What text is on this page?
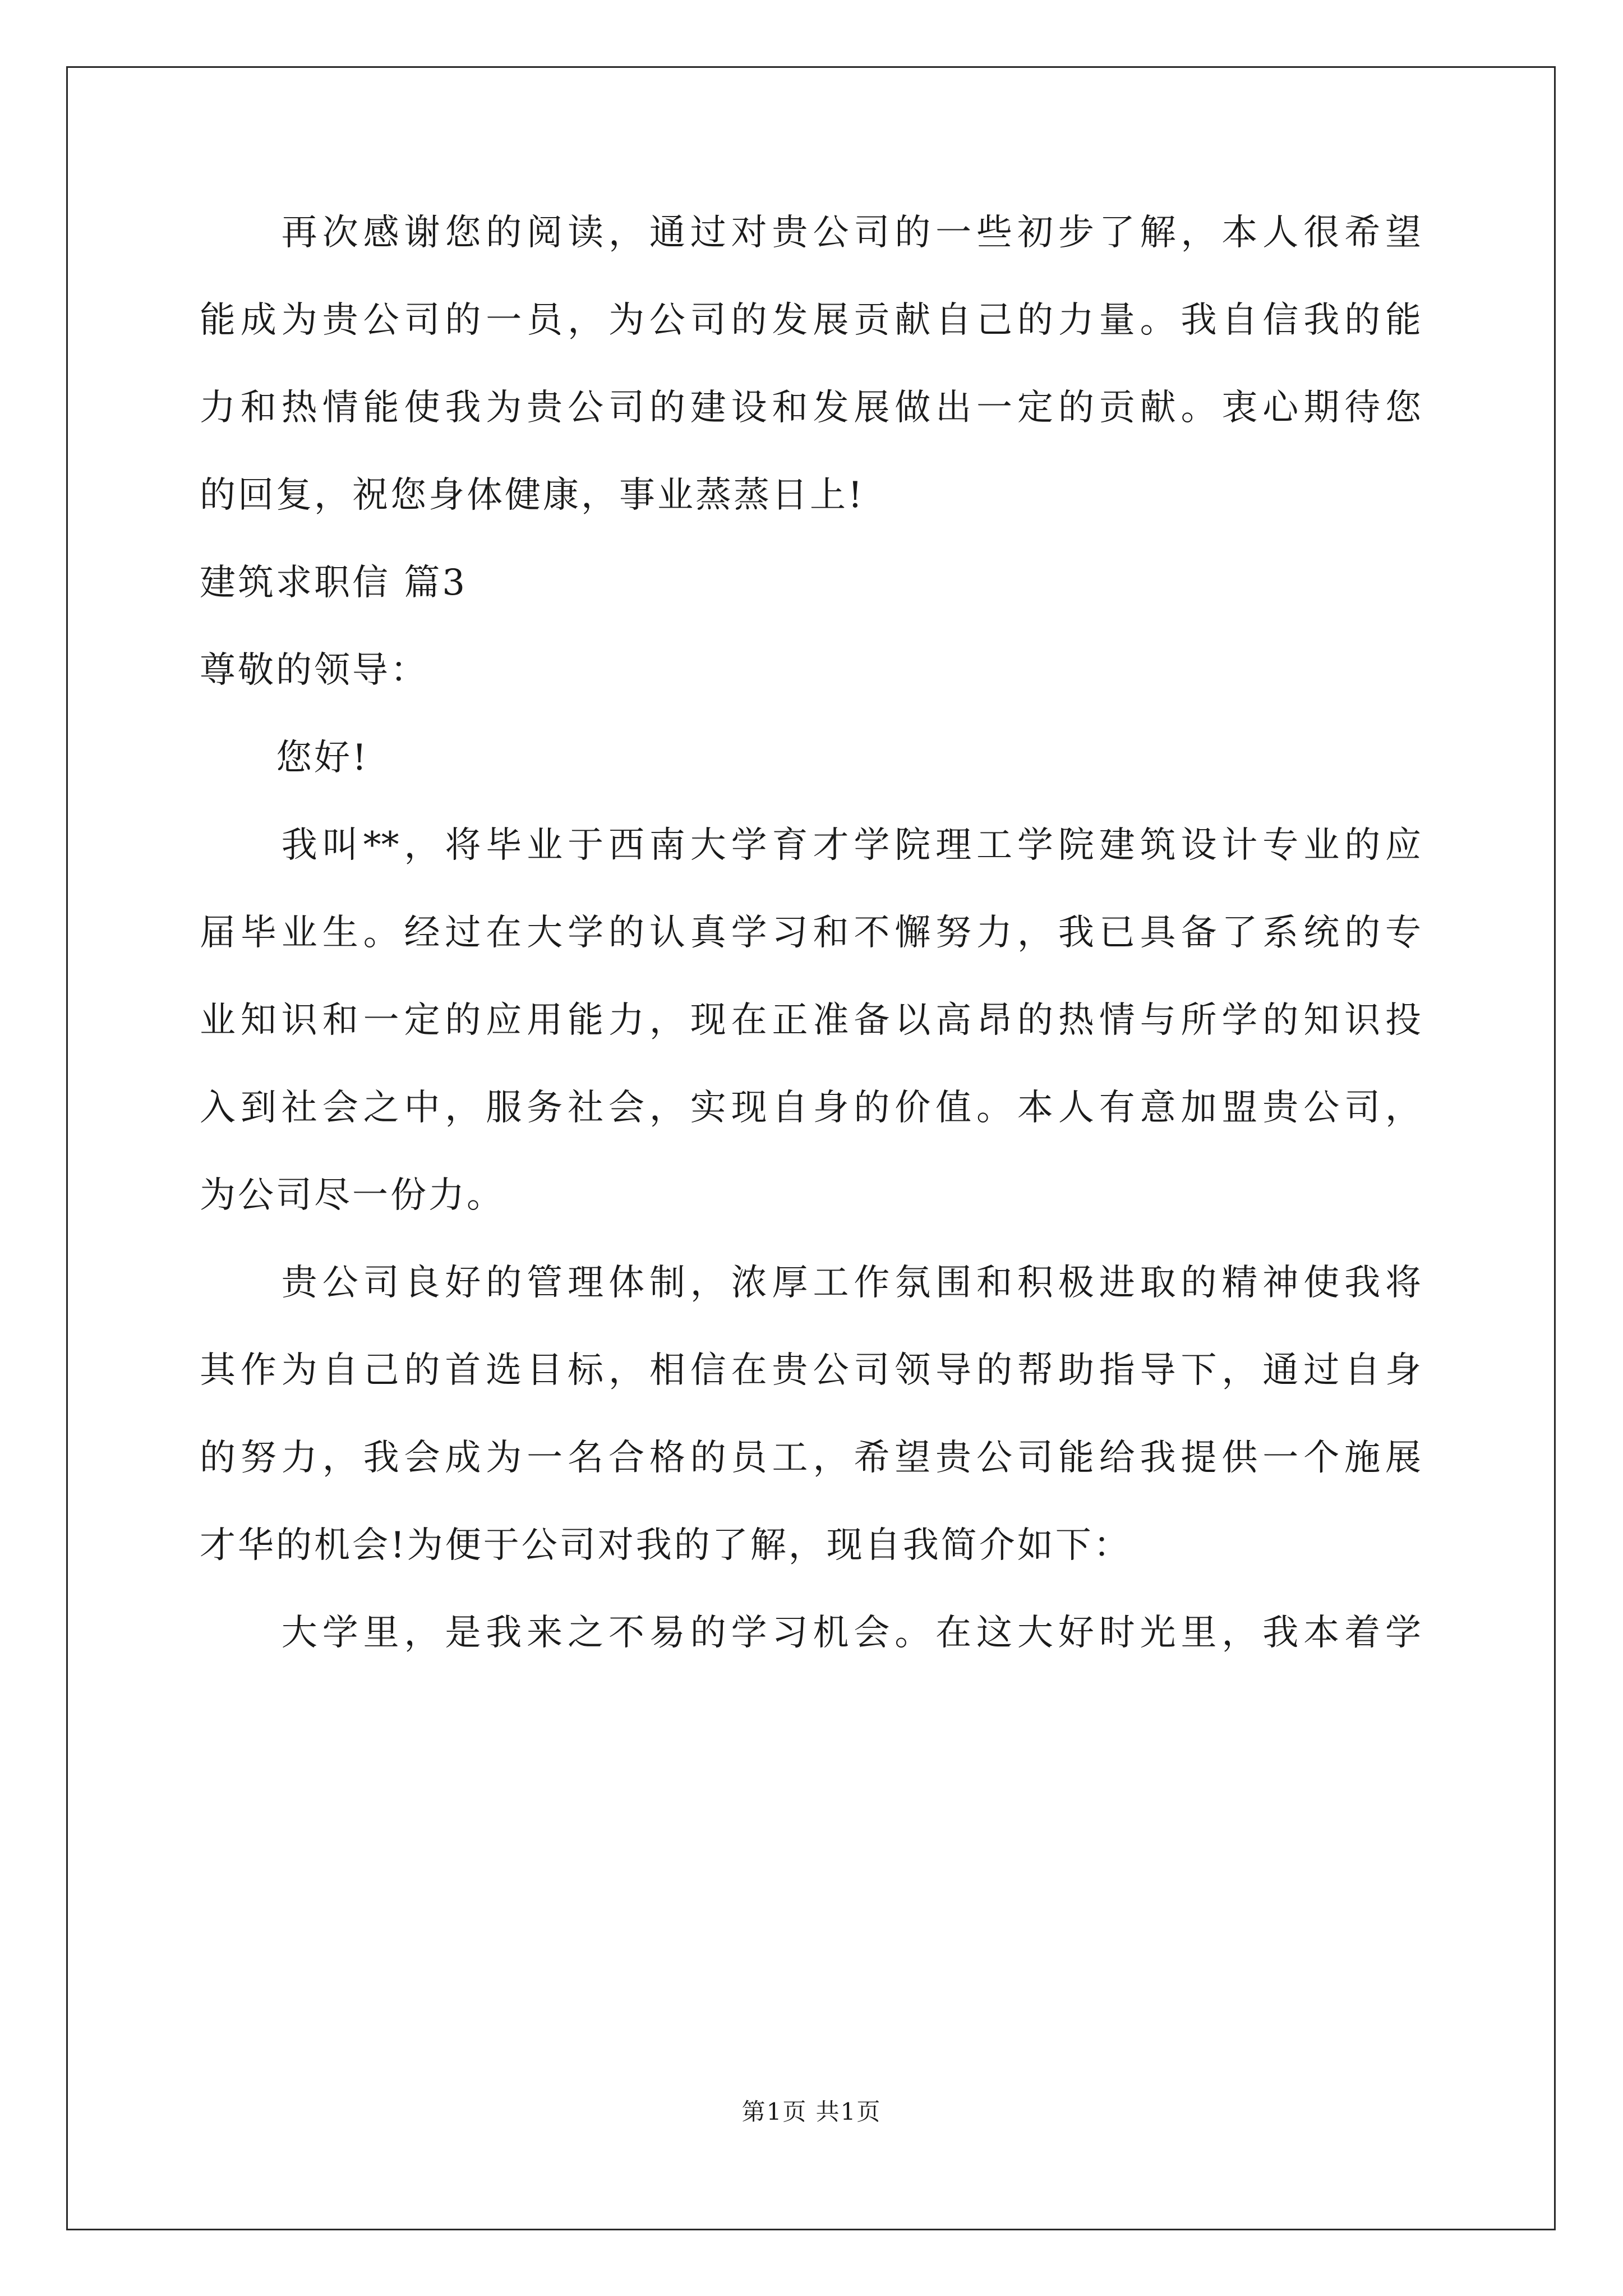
　　再次感谢您的阅读，通过对贵公司的一些初步了解，本人很希望
能成为贵公司的一员，为公司的发展贡献自己的力量。我自信我的能
力和热情能使我为贵公司的建设和发展做出一定的贡献。衷心期待您
的回复，祝您身体健康，事业蒸蒸日上!
建筑求职信 篇3
尊敬的领导：
　　您好!
　　我叫**，将毕业于西南大学育才学院理工学院建筑设计专业的应
届毕业生。经过在大学的认真学习和不懈努力，我已具备了系统的专
业知识和一定的应用能力，现在正准备以高昂的热情与所学的知识投
入到社会之中，服务社会，实现自身的价值。本人有意加盟贵公司，
为公司尽一份力。
　　贵公司良好的管理体制，浓厚工作氛围和积极进取的精神使我将
其作为自己的首选目标，相信在贵公司领导的帮助指导下，通过自身
的努力，我会成为一名合格的员工，希望贵公司能给我提供一个施展
才华的机会!为便于公司对我的了解，现自我简介如下：
　　大学里，是我来之不易的学习机会。在这大好时光里，我本着学
第1页 共1页
